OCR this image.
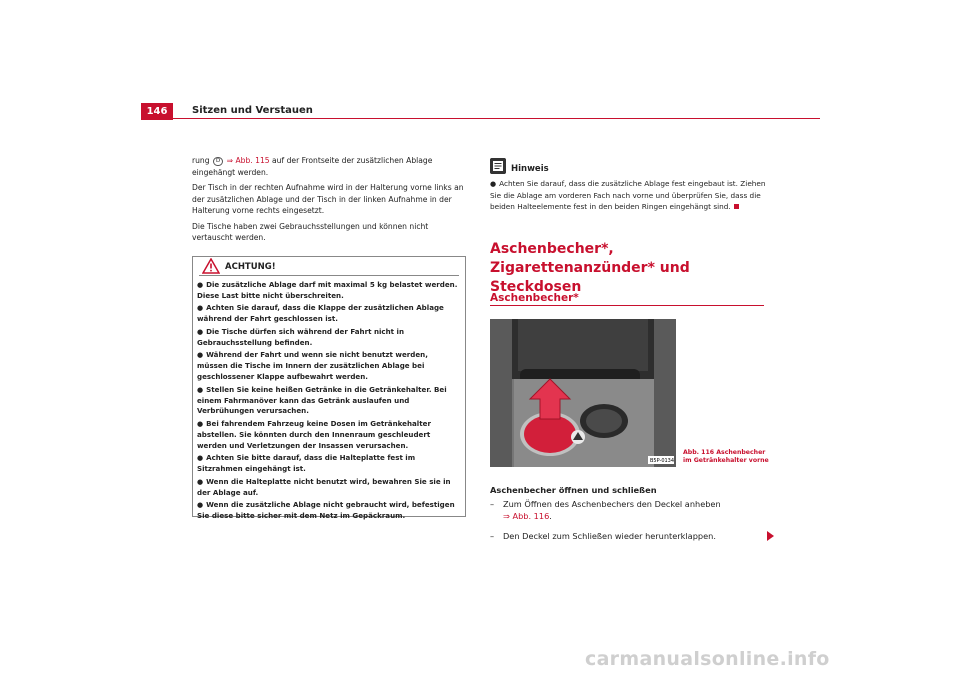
146	Sitzen und Verstauen

rung D ⇒ Abb. 115 auf der Frontseite der zusätzlichen Ablage eingehängt werden.

Der Tisch in der rechten Aufnahme wird in der Halterung vorne links an der zusätzlichen Ablage und der Tisch in der linken Aufnahme in der Halterung vorne rechts eingesetzt.

Die Tische haben zwei Gebrauchsstellungen und können nicht vertauscht werden.

ACHTUNG!
● Die zusätzliche Ablage darf mit maximal 5 kg belastet werden. Diese Last bitte nicht überschreiten.
● Achten Sie darauf, dass die Klappe der zusätzlichen Ablage während der Fahrt geschlossen ist.
● Die Tische dürfen sich während der Fahrt nicht in Gebrauchsstellung befinden.
● Während der Fahrt und wenn sie nicht benutzt werden, müssen die Tische im Innern der zusätzlichen Ablage bei geschlossener Klappe aufbewahrt werden.
● Stellen Sie keine heißen Getränke in die Getränkehalter. Bei einem Fahrmanöver kann das Getränk auslaufen und Verbrühungen verursachen.
● Bei fahrendem Fahrzeug keine Dosen im Getränkehalter abstellen. Sie könnten durch den Innenraum geschleudert werden und Verletzungen der Insassen verursachen.
● Achten Sie bitte darauf, dass die Halteplatte fest im Sitzrahmen eingehängt ist.
● Wenn die Halteplatte nicht benutzt wird, bewahren Sie sie in der Ablage auf.
● Wenn die zusätzliche Ablage nicht gebraucht wird, befestigen Sie diese bitte sicher mit dem Netz im Gepäckraum.
Hinweis

● Achten Sie darauf, dass die zusätzliche Ablage fest eingebaut ist. Ziehen Sie die Ablage am vorderen Fach nach vorne und überprüfen Sie, dass die beiden Halteelemente fest in den beiden Ringen eingehängt sind.

Aschenbecher*, Zigarettenanzünder* und Steckdosen
Aschenbecher*
B5P-0134
Abb. 116 Aschenbecher
im Getränkehalter vorne
Aschenbecher öffnen und schließen
– Zum Öffnen des Aschenbechers den Deckel anheben
⇒ Abb. 116.
– Den Deckel zum Schließen wieder herunterklappen.
carmanualsonline.info
